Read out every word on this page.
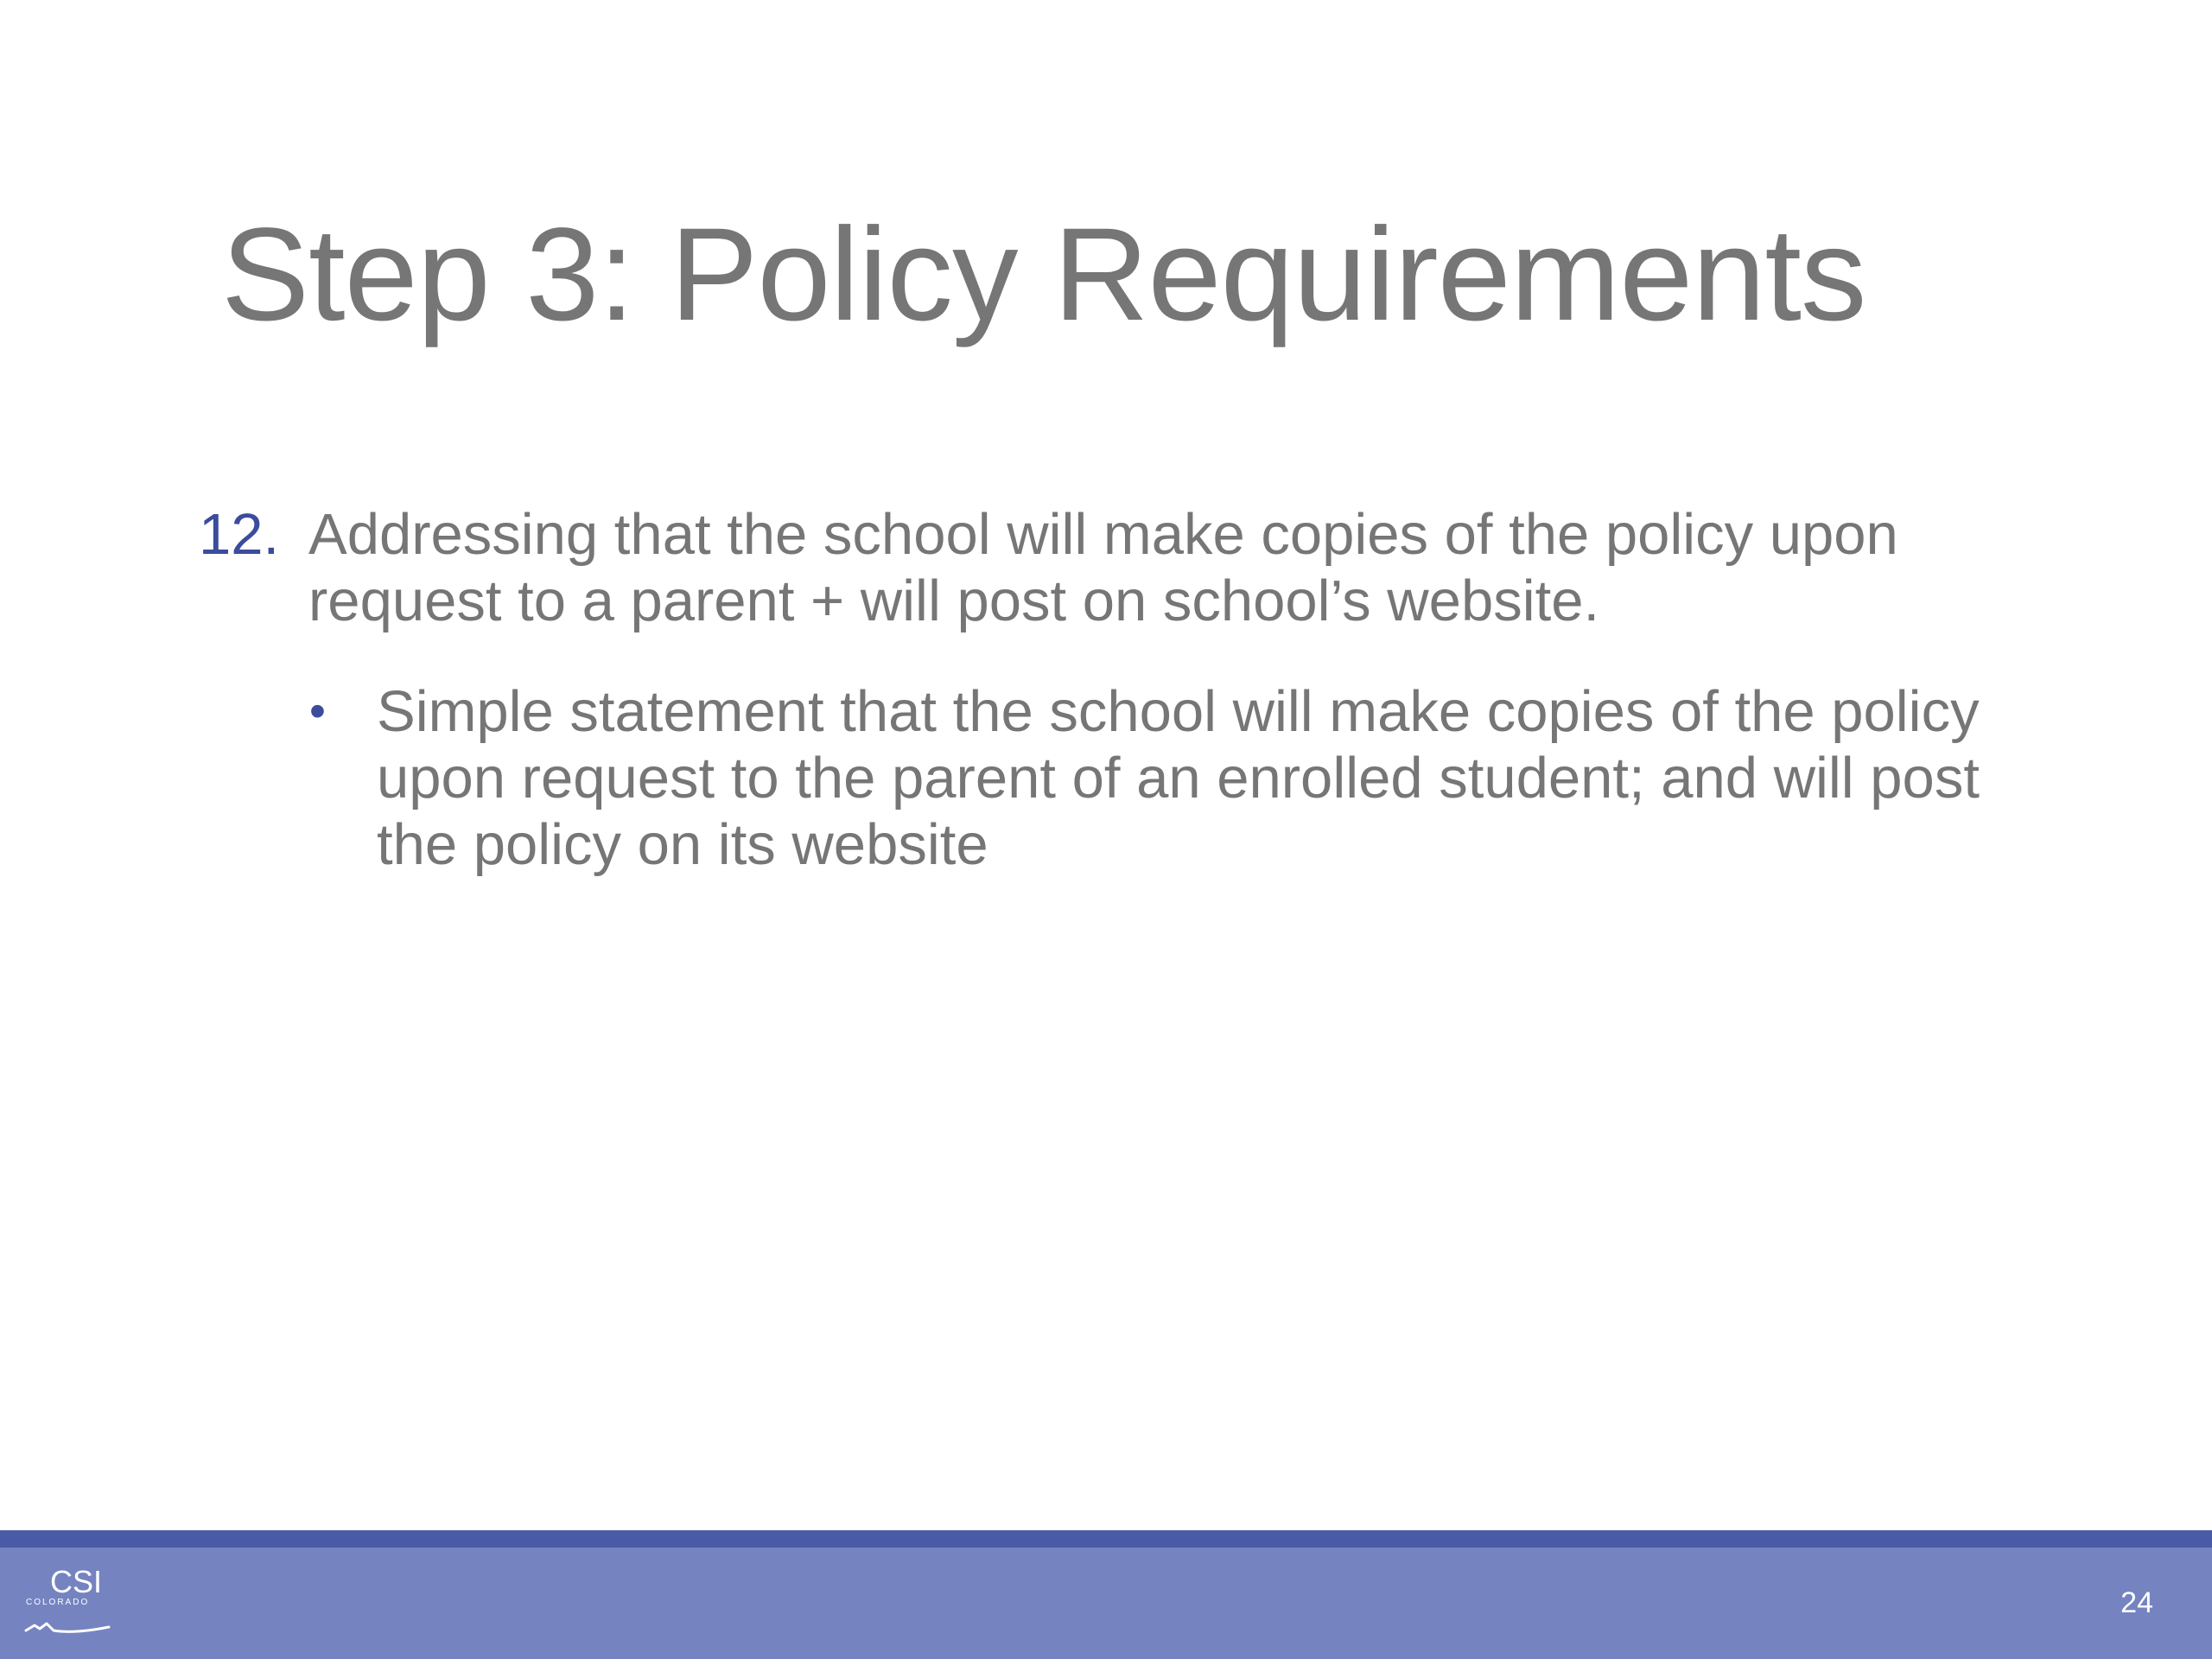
Step 3: Policy Requirements
12. Addressing that the school will make copies of the policy upon request to a parent + will post on school’s website.
• Simple statement that the school will make copies of the policy upon request to the parent of an enrolled student; and will post the policy on its website
CSI
COLORADO	24
